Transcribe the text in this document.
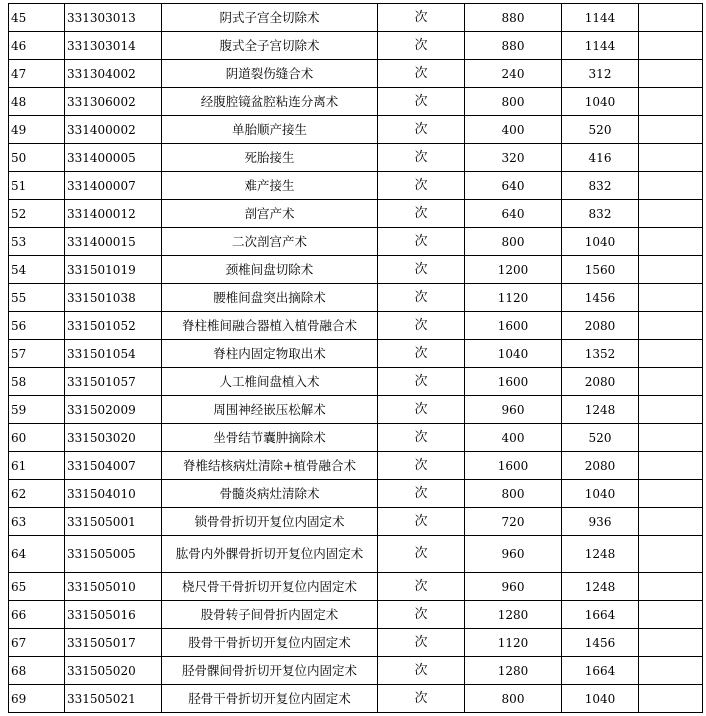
45	331303013	阴式子宫全切除术	次	880	1144	
46	331303014	腹式全子宫切除术	次	880	1144	
47	331304002	阴道裂伤缝合术	次	240	312	
48	331306002	经腹腔镜盆腔粘连分离术	次	800	1040	
49	331400002	单胎顺产接生	次	400	520	
50	331400005	死胎接生	次	320	416	
51	331400007	难产接生	次	640	832	
52	331400012	剖宫产术	次	640	832	
53	331400015	二次剖宫产术	次	800	1040	
54	331501019	颈椎间盘切除术	次	1200	1560	
55	331501038	腰椎间盘突出摘除术	次	1120	1456	
56	331501052	脊柱椎间融合器植入植骨融合术	次	1600	2080	
57	331501054	脊柱内固定物取出术	次	1040	1352	
58	331501057	人工椎间盘植入术	次	1600	2080	
59	331502009	周围神经嵌压松解术	次	960	1248	
60	331503020	坐骨结节囊肿摘除术	次	400	520	
61	331504007	脊椎结核病灶清除+植骨融合术	次	1600	2080	
62	331504010	骨髓炎病灶清除术	次	800	1040	
63	331505001	锁骨骨折切开复位内固定术	次	720	936	
64	331505005	肱骨内外髁骨折切开复位内固定术	次	960	1248	
65	331505010	桡尺骨干骨折切开复位内固定术	次	960	1248	
66	331505016	股骨转子间骨折内固定术	次	1280	1664	
67	331505017	股骨干骨折切开复位内固定术	次	1120	1456	
68	331505020	胫骨髁间骨折切开复位内固定术	次	1280	1664	
69	331505021	胫骨干骨折切开复位内固定术	次	800	1040	
